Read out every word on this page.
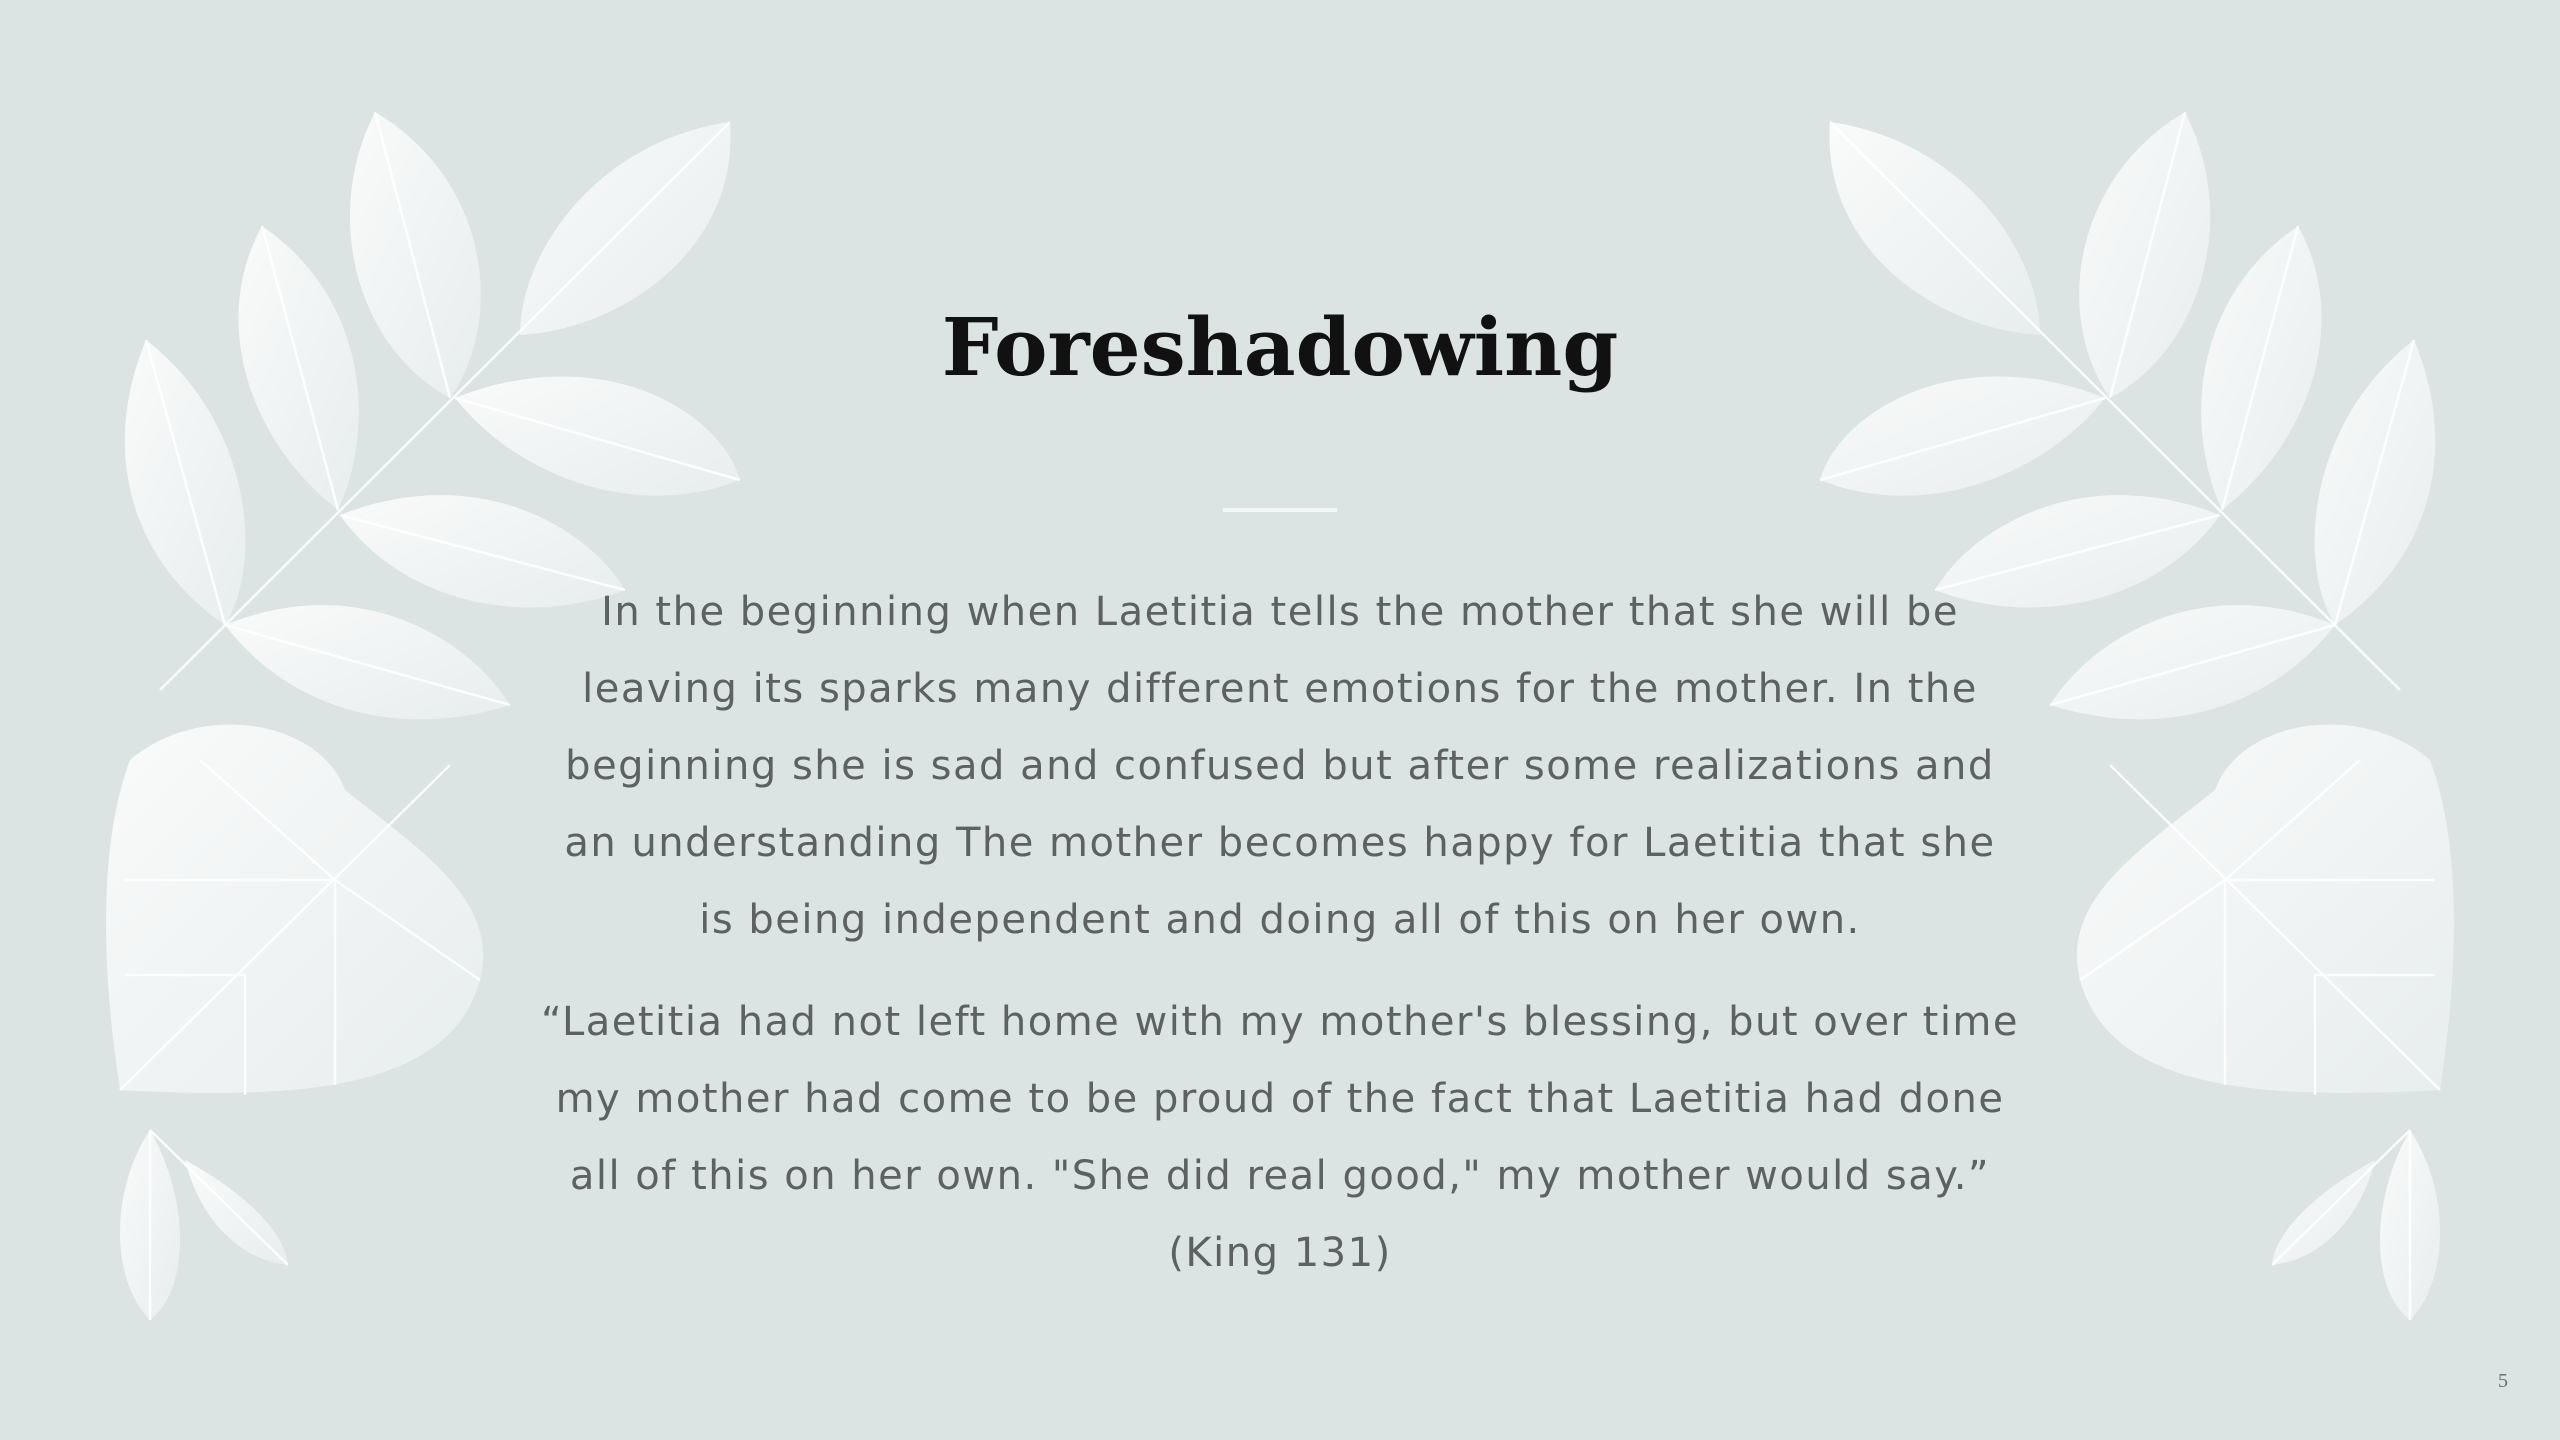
Foreshadowing

In the beginning when Laetitia tells the mother that she will be leaving its sparks many different emotions for the mother. In the beginning she is sad and confused but after some realizations and an understanding The mother becomes happy for Laetitia that she is being independent and doing all of this on her own.

“Laetitia had not left home with my mother's blessing, but over time my mother had come to be proud of the fact that Laetitia had done all of this on her own. "She did real good," my mother would say.” (King 131)

5
